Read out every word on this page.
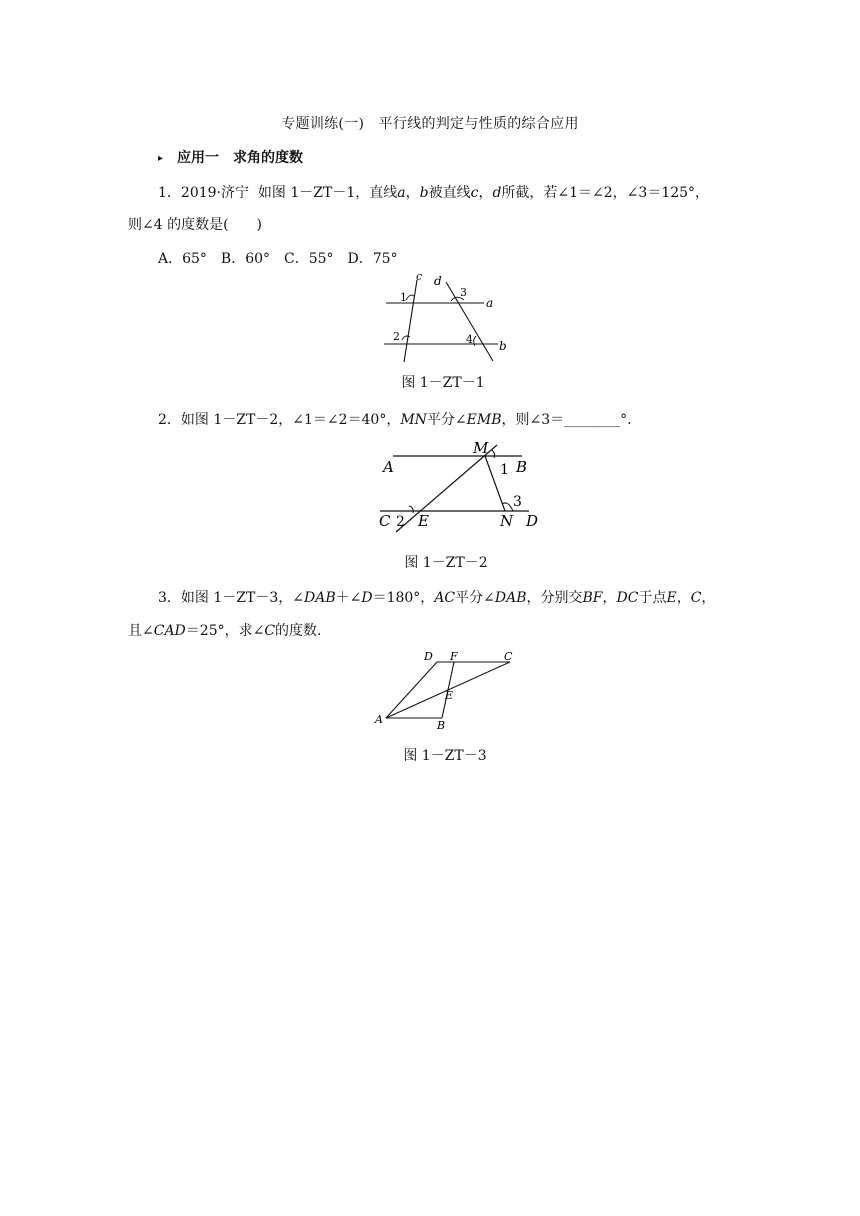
专题训练(一)　平行线的判定与性质的综合应用
▸ 应用一　求角的度数
1．2019·济宁 如图 1－ZT－1，直线a，b被直线c，d所截，若∠1＝∠2，∠3＝125°，
则∠4 的度数是(　　)
A．65°　B．60°　C．55°　D．75°
c d
a
b
1
2
3
4
图 1－ZT－1
2．如图 1－ZT－2，∠1＝∠2＝40°，MN平分∠EMB，则∠3＝________°.
M
1
A	B
3
C 2 E	N D
图 1－ZT－2
3．如图 1－ZT－3，∠DAB＋∠D＝180°，AC平分∠DAB，分别交BF，DC于点E，C，
且∠CAD＝25°，求∠C的度数.
D F	C
E
A	B
图 1－ZT－3
